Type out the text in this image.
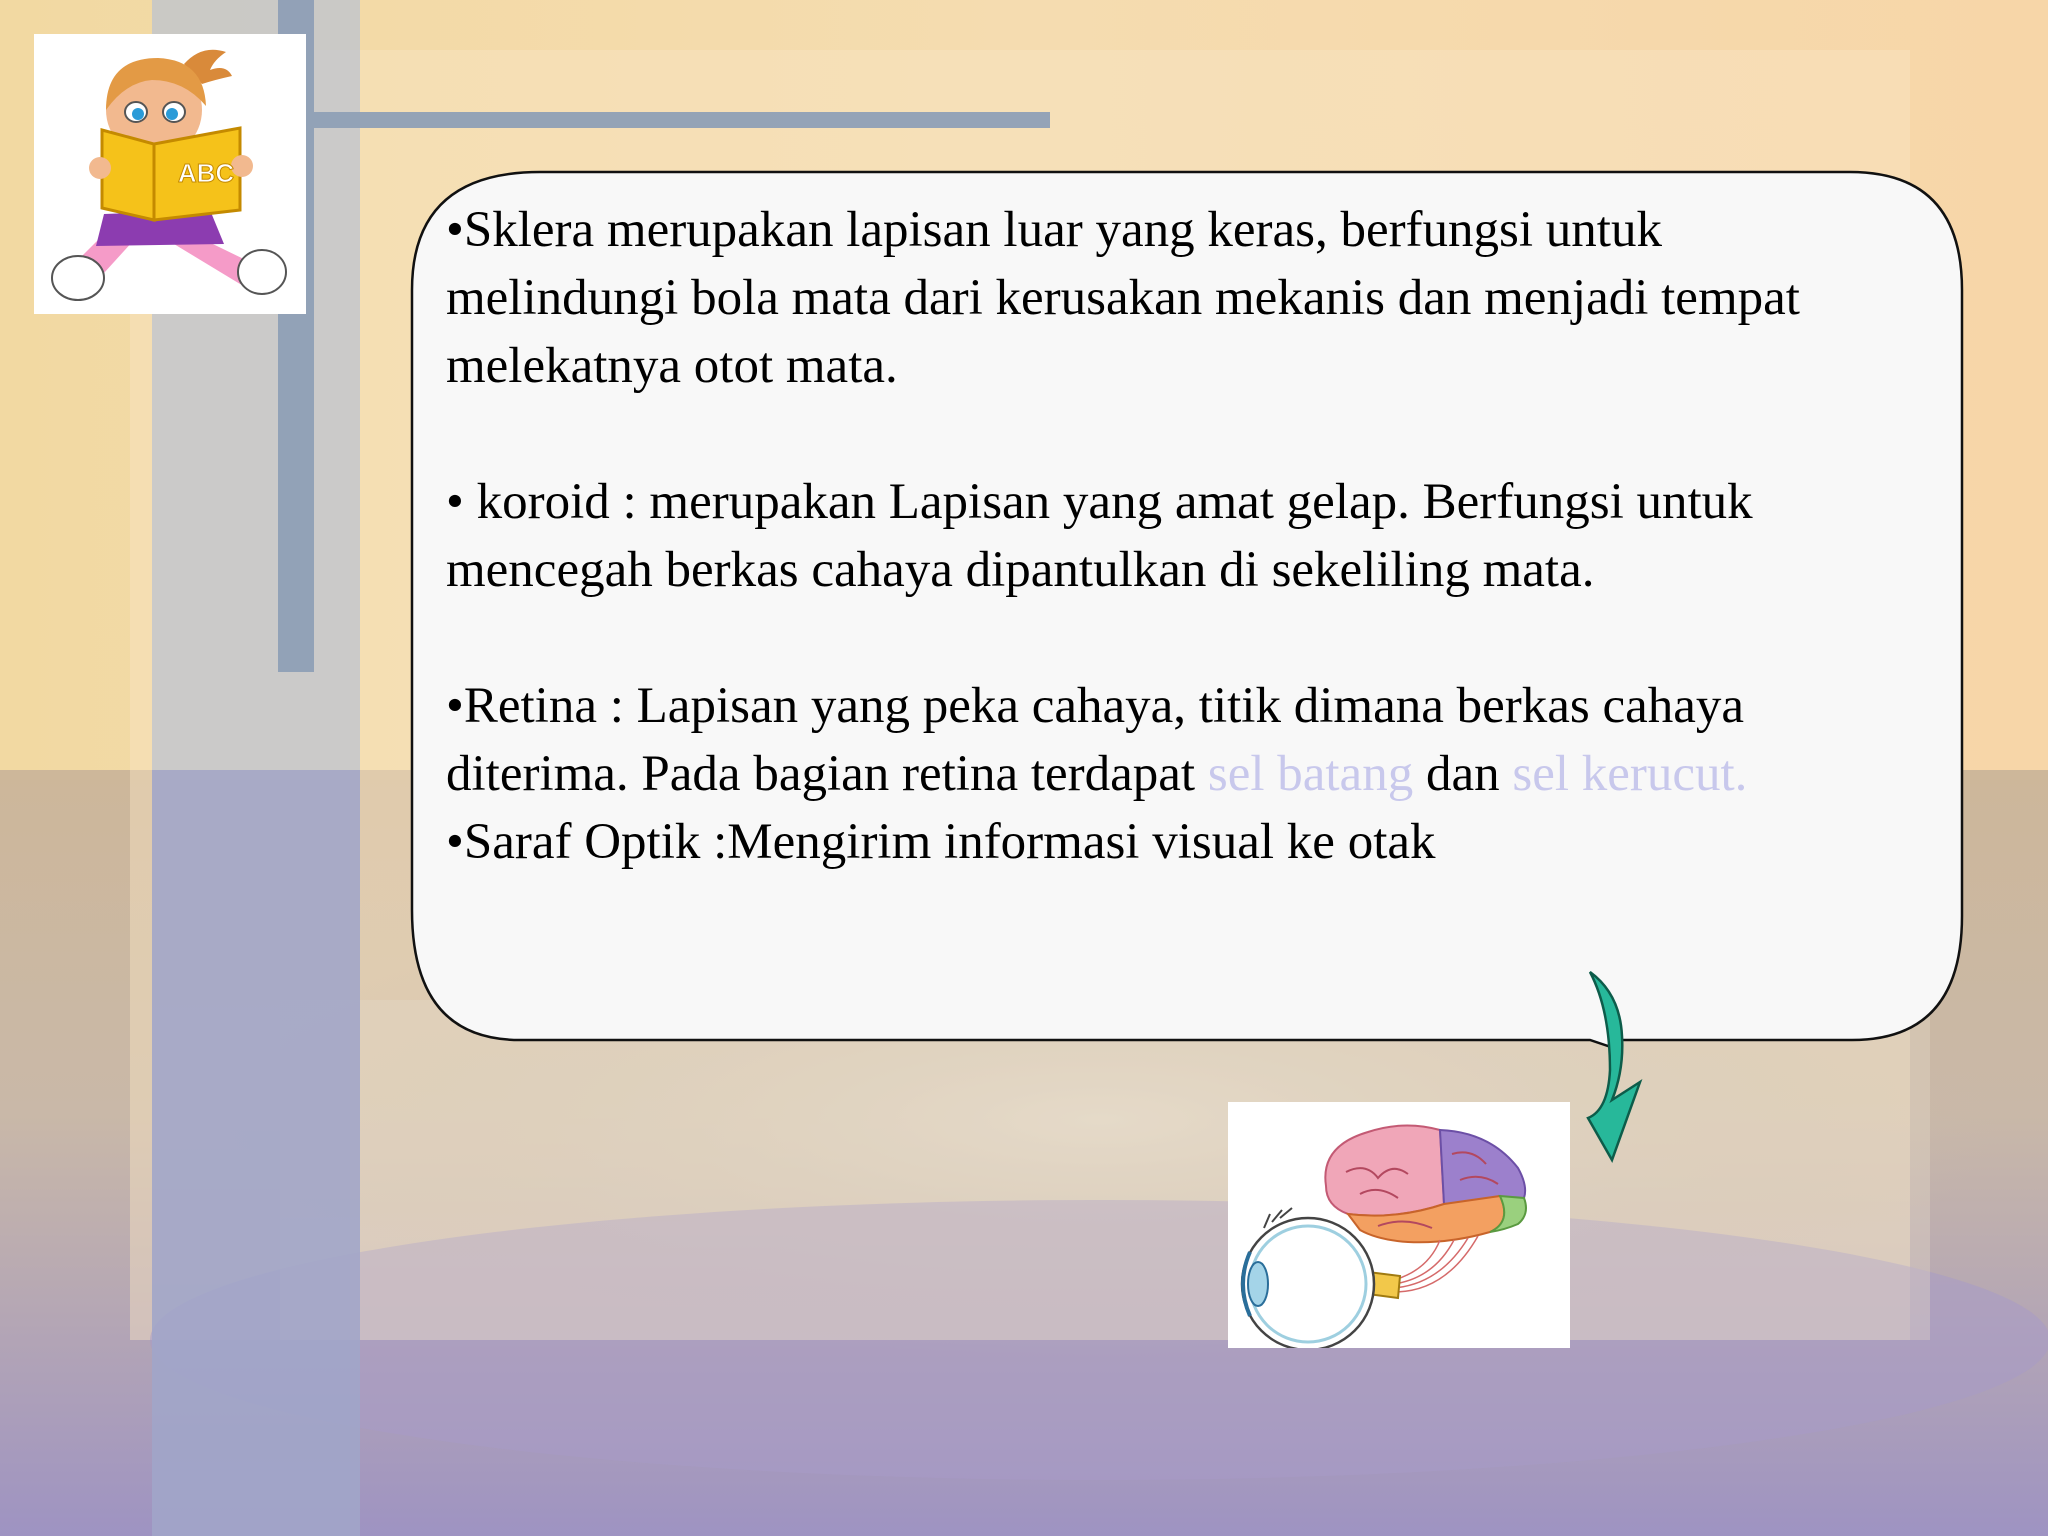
ABC

•Sklera merupakan lapisan luar yang keras, berfungsi untuk melindungi bola mata dari kerusakan mekanis dan menjadi tempat melekatnya otot mata.

• koroid : merupakan Lapisan yang amat gelap. Berfungsi untuk mencegah berkas cahaya dipantulkan di sekeliling mata.

•Retina : Lapisan yang peka cahaya, titik dimana berkas cahaya diterima. Pada bagian retina terdapat sel batang dan sel kerucut.

•Saraf Optik :Mengirim informasi visual ke otak
